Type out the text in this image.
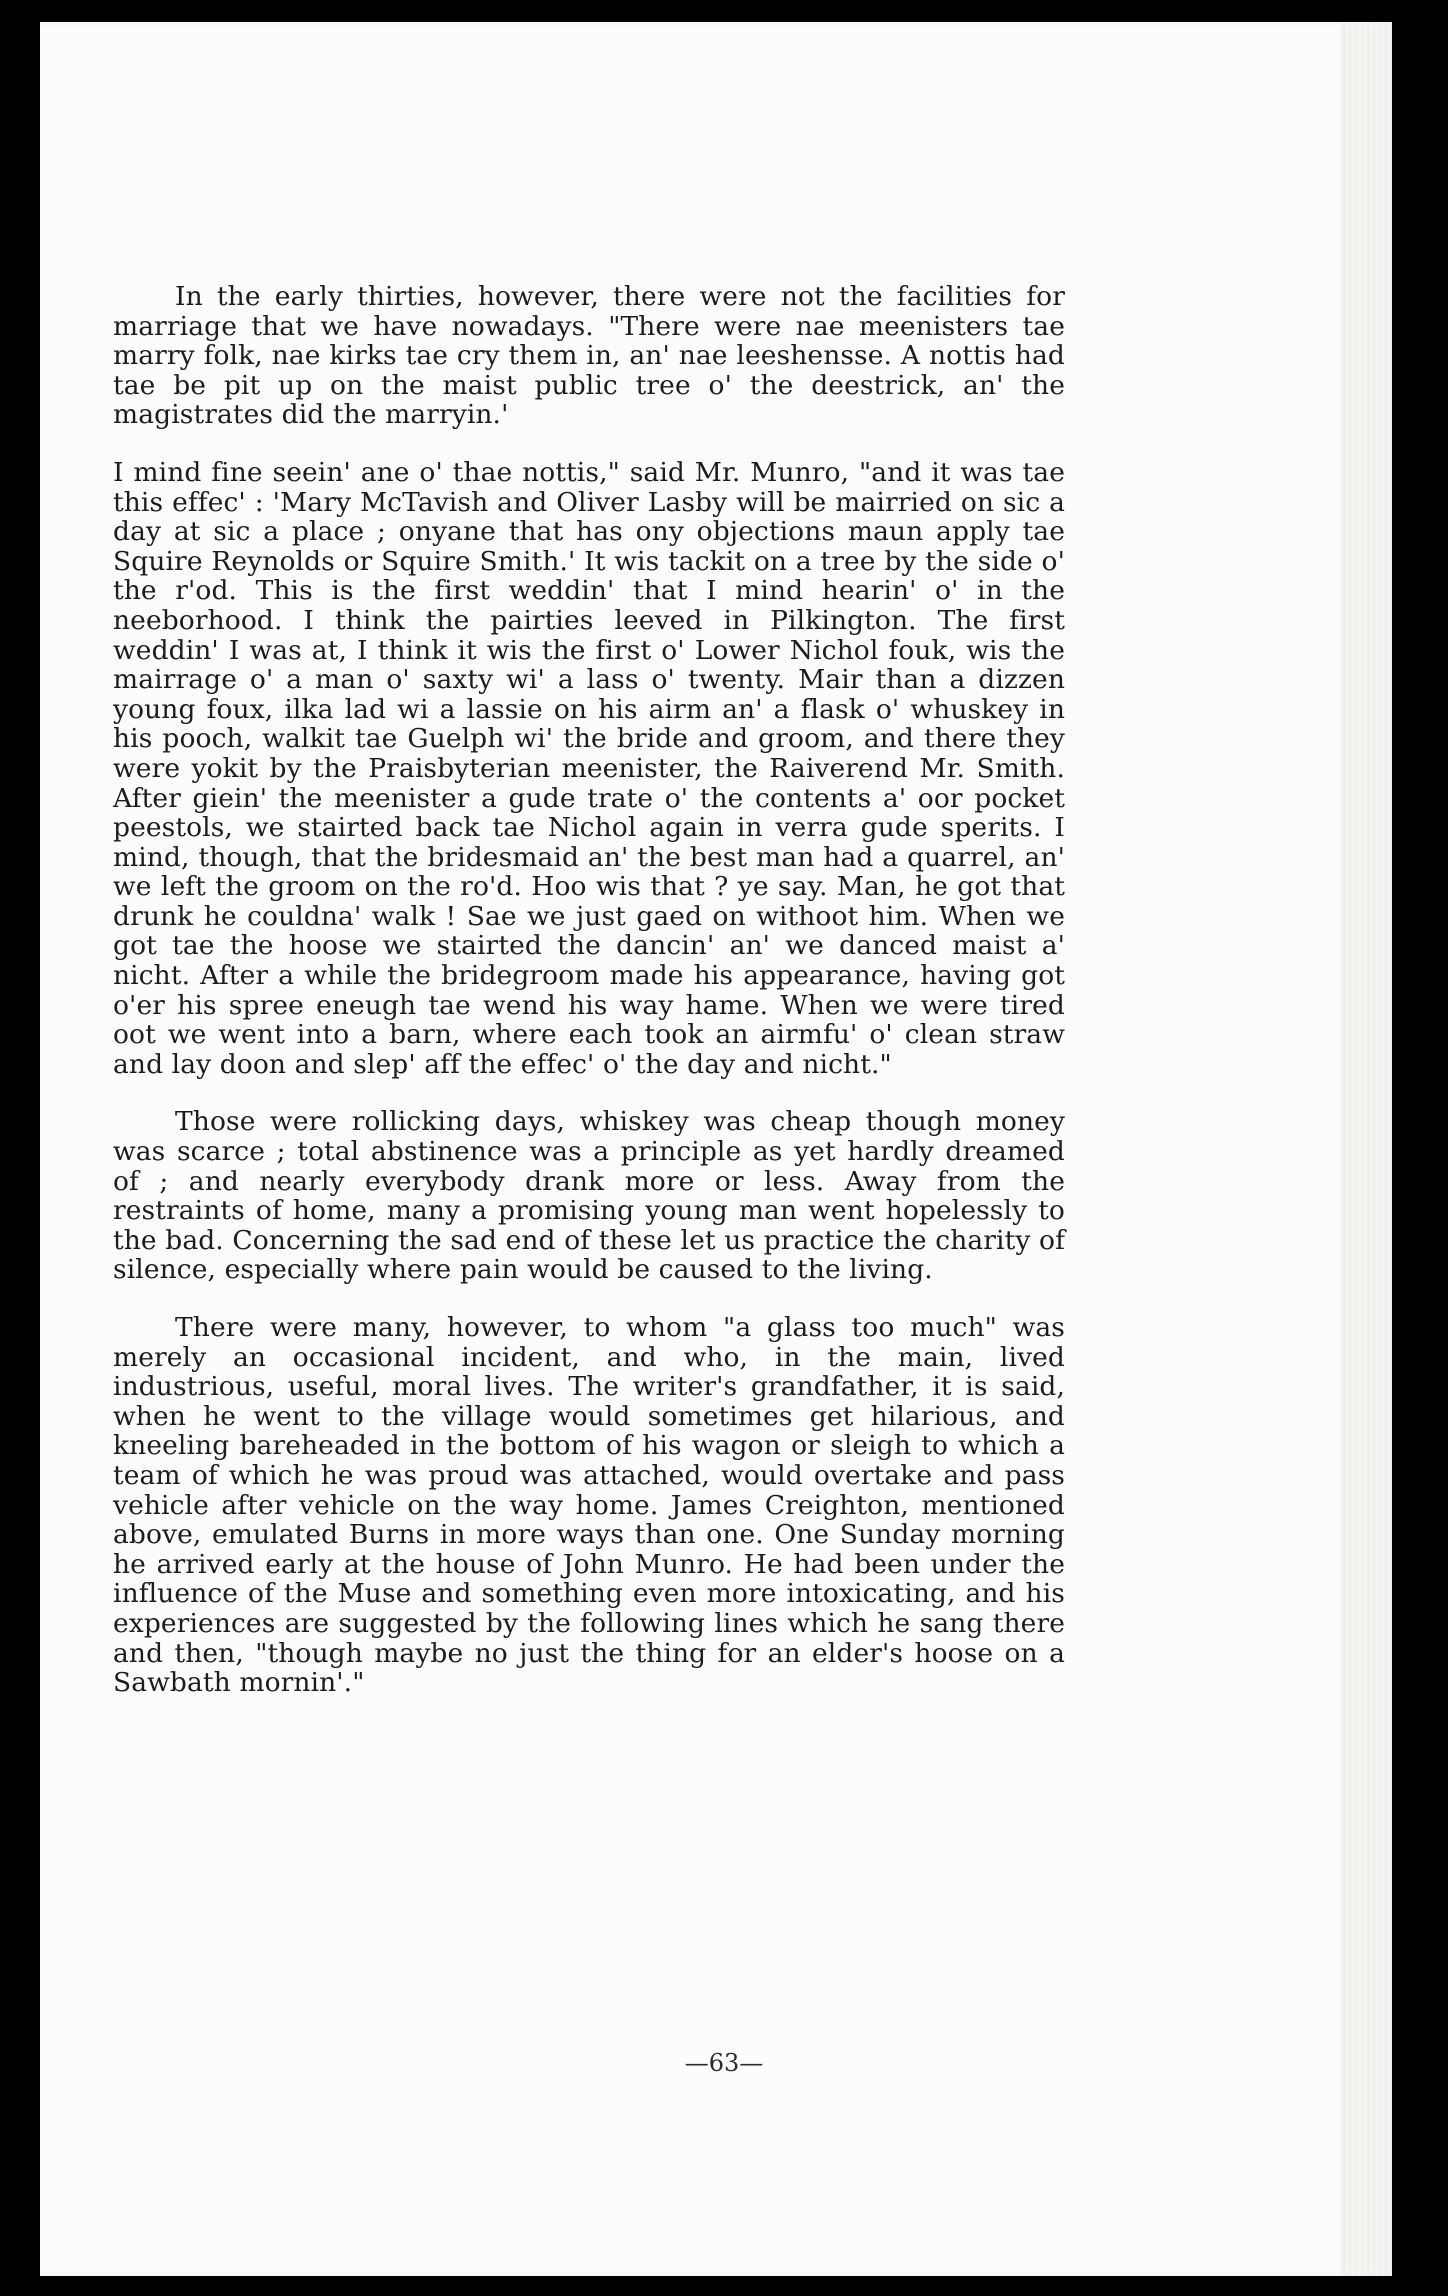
In the early thirties, however, there were not the facilities for marriage that we have nowadays. "There were nae meenisters tae marry folk, nae kirks tae cry them in, an' nae leeshensse. A nottis had tae be pit up on the maist public tree o' the deestrick, an' the magistrates did the marryin.'

I mind fine seein' ane o' thae nottis," said Mr. Munro, "and it was tae this effec' : 'Mary McTavish and Oliver Lasby will be mairried on sic a day at sic a place ; onyane that has ony objections maun apply tae Squire Reynolds or Squire Smith.' It wis tackit on a tree by the side o' the r'od. This is the first weddin' that I mind hearin' o' in the neeborhood. I think the pairties leeved in Pilkington. The first weddin' I was at, I think it wis the first o' Lower Nichol fouk, wis the mairrage o' a man o' saxty wi' a lass o' twenty. Mair than a dizzen young foux, ilka lad wi a lassie on his airm an' a flask o' whuskey in his pooch, walkit tae Guelph wi' the bride and groom, and there they were yokit by the Praisbyterian meenister, the Raiverend Mr. Smith. After giein' the meenister a gude trate o' the contents a' oor pocket peestols, we stairted back tae Nichol again in verra gude sperits. I mind, though, that the bridesmaid an' the best man had a quarrel, an' we left the groom on the ro'd. Hoo wis that ? ye say. Man, he got that drunk he couldna' walk ! Sae we just gaed on withoot him. When we got tae the hoose we stairted the dancin' an' we danced maist a' nicht. After a while the bridegroom made his appearance, having got o'er his spree eneugh tae wend his way hame. When we were tired oot we went into a barn, where each took an airmfu' o' clean straw and lay doon and slep' aff the effec' o' the day and nicht."

Those were rollicking days, whiskey was cheap though money was scarce ; total abstinence was a principle as yet hardly dreamed of ; and nearly everybody drank more or less. Away from the restraints of home, many a promising young man went hopelessly to the bad. Concerning the sad end of these let us practice the charity of silence, especially where pain would be caused to the living.

There were many, however, to whom "a glass too much" was merely an occasional incident, and who, in the main, lived industrious, useful, moral lives. The writer's grandfather, it is said, when he went to the village would sometimes get hilarious, and kneeling bareheaded in the bottom of his wagon or sleigh to which a team of which he was proud was attached, would overtake and pass vehicle after vehicle on the way home. James Creighton, mentioned above, emulated Burns in more ways than one. One Sunday morning he arrived early at the house of John Munro. He had been under the influence of the Muse and something even more intoxicating, and his experiences are suggested by the following lines which he sang there and then, "though maybe no just the thing for an elder's hoose on a Sawbath mornin'."

—63—
